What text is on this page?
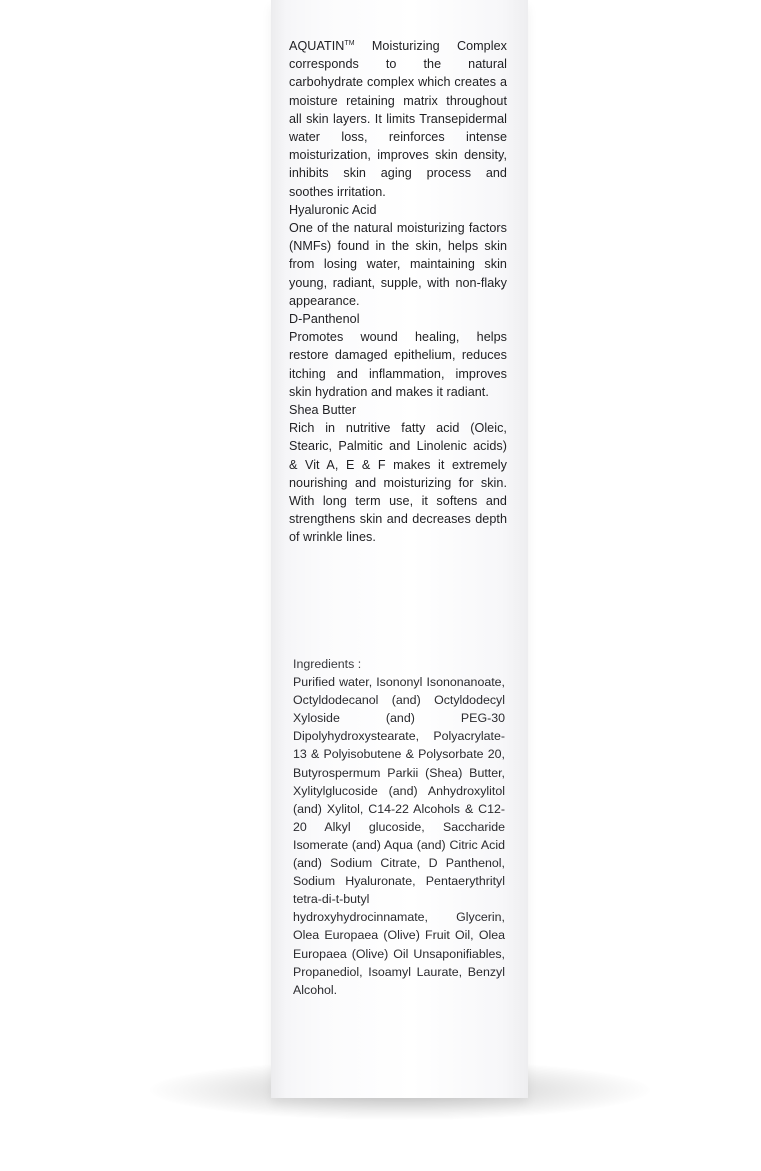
AQUATIN™ Moisturizing Complex corresponds to the natural carbohydrate complex which creates a moisture retaining matrix throughout all skin layers. It limits Transepidermal water loss, reinforces intense moisturization, improves skin density, inhibits skin aging process and soothes irritation.

Hyaluronic Acid

One of the natural moisturizing factors (NMFs) found in the skin, helps skin from losing water, maintaining skin young, radiant, supple, with non-flaky appearance.

D-Panthenol

Promotes wound healing, helps restore damaged epithelium, reduces itching and inflammation, improves skin hydration and makes it radiant.

Shea Butter

Rich in nutritive fatty acid (Oleic, Stearic, Palmitic and Linolenic acids) & Vit A, E & F makes it extremely nourishing and moisturizing for skin. With long term use, it softens and strengthens skin and decreases depth of wrinkle lines.

Ingredients :

Purified water, Isononyl Isononanoate, Octyldodecanol (and) Octyldodecyl Xyloside (and) PEG-30 Dipolyhydroxystearate, Polyacrylate-13 & Polyisobutene & Polysorbate 20, Butyrospermum Parkii (Shea) Butter, Xylitylglucoside (and) Anhydroxylitol (and) Xylitol, C14-22 Alcohols & C12-20 Alkyl glucoside, Saccharide Isomerate (and) Aqua (and) Citric Acid (and) Sodium Citrate, D Panthenol, Sodium Hyaluronate, Pentaerythrityl tetra-di-t-butyl hydroxyhydrocinnamate, Glycerin, Olea Europaea (Olive) Fruit Oil, Olea Europaea (Olive) Oil Unsaponifiables, Propanediol, Isoamyl Laurate, Benzyl Alcohol.
